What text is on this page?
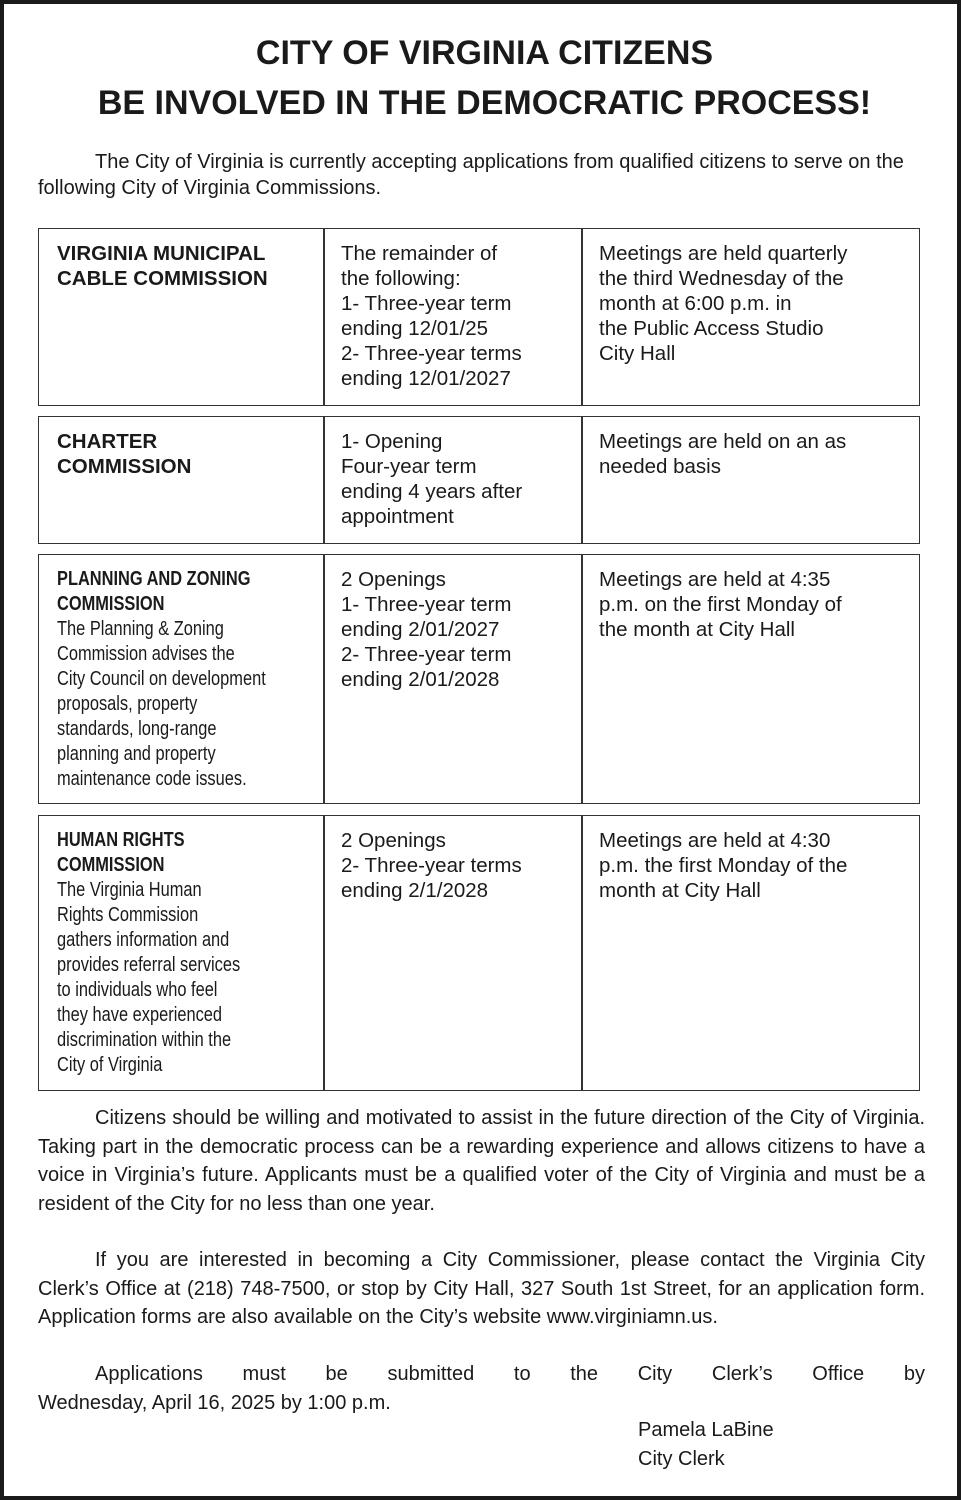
CITY OF VIRGINIA CITIZENS
BE INVOLVED IN THE DEMOCRATIC PROCESS!

The City of Virginia is currently accepting applications from qualified citizens to serve on the following City of Virginia Commissions.

VIRGINIA MUNICIPAL
CABLE COMMISSION
The remainder of
the following:
1- Three-year term
ending 12/01/25
2- Three-year terms
ending 12/01/2027
Meetings are held quarterly
the third Wednesday of the
month at 6:00 p.m. in
the Public Access Studio
City Hall
CHARTER
COMMISSION
1- Opening
Four-year term
ending 4 years after
appointment
Meetings are held on an as
needed basis
PLANNING AND ZONING
COMMISSION
The Planning & Zoning
Commission advises the
City Council on development
proposals, property
standards, long-range
planning and property
maintenance code issues.
2 Openings
1- Three-year term
ending 2/01/2027
2- Three-year term
ending 2/01/2028
Meetings are held at 4:35
p.m. on the first Monday of
the month at City Hall
HUMAN RIGHTS
COMMISSION
The Virginia Human
Rights Commission
gathers information and
provides referral services
to individuals who feel
they have experienced
discrimination within the
City of Virginia
2 Openings
2- Three-year terms
ending 2/1/2028
Meetings are held at 4:30
p.m. the first Monday of the
month at City Hall

Citizens should be willing and motivated to assist in the future direction of the City of Virginia. Taking part in the democratic process can be a rewarding experience and allows citizens to have a voice in Virginia’s future. Applicants must be a qualified voter of the City of Virginia and must be a resident of the City for no less than one year.

If you are interested in becoming a City Commissioner, please contact the Virginia City Clerk’s Office at (218) 748-7500, or stop by City Hall, 327 South 1st Street, for an application form. Application forms are also available on the City’s website www.virginiamn.us.

Applications must be submitted to the City Clerk’s Office by
Wednesday, April 16, 2025 by 1:00 p.m.

Pamela LaBine
City Clerk
